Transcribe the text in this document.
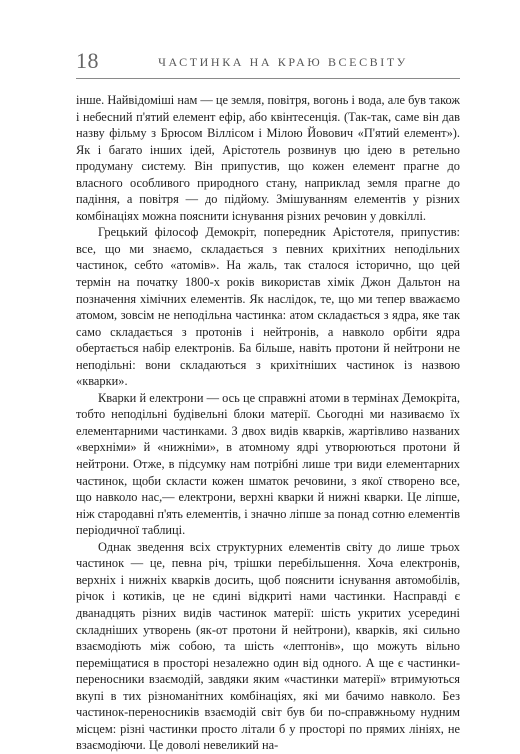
18	ЧАСТИНКА НА КРАЮ ВСЕСВІТУ

інше. Найвідоміші нам — це земля, повітря, вогонь і вода, але був також і небесний п'ятий елемент ефір, або квінтесенція. (Так-так, саме він дав назву фільму з Брюсом Віллісом і Мілою Йовович «П'ятий елемент»). Як і багато інших ідей, Арістотель розвинув цю ідею в ретельно продуману систему. Він припустив, що кожен елемент прагне до власного особливого природного стану, наприклад земля прагне до падіння, а повітря — до підйому. Змішуванням елементів у різних комбінаціях можна пояснити існування різних речовин у довкіллі.

Грецький філософ Демокріт, попередник Арістотеля, припустив: все, що ми знаємо, складається з певних крихітних неподільних частинок, себто «атомів». На жаль, так сталося історично, що цей термін на початку 1800-х років використав хімік Джон Дальтон на позначення хімічних елементів. Як наслідок, те, що ми тепер вважаємо атомом, зовсім не неподільна частинка: атом складається з ядра, яке так само складається з протонів і нейтронів, а навколо орбіти ядра обертається набір електронів. Ба більше, навіть протони й нейтрони не неподільні: вони складаються з крихітніших частинок із назвою «кварки».

Кварки й електрони — ось це справжні атоми в термінах Демокріта, тобто неподільні будівельні блоки матерії. Сьогодні ми називаємо їх елементарними частинками. З двох видів кварків, жартівливо названих «верхніми» й «нижніми», в атомному ядрі утворюються протони й нейтрони. Отже, в підсумку нам потрібні лише три види елементарних частинок, щоби скласти кожен шматок речовини, з якої створено все, що навколо нас,— електрони, верхні кварки й нижні кварки. Це ліпше, ніж стародавні п'ять елементів, і значно ліпше за понад сотню елементів періодичної таблиці.

Однак зведення всіх структурних елементів світу до лише трьох частинок — це, певна річ, трішки перебільшення. Хоча електронів, верхніх і нижніх кварків досить, щоб пояснити існування автомобілів, річок і котиків, це не єдині відкриті нами частинки. Насправді є дванадцять різних видів частинок матерії: шість укритих усередині складніших утворень (як-от протони й нейтрони), кварків, які сильно взаємодіють між собою, та шість «лептонів», що можуть вільно переміщатися в просторі незалежно один від одного. А ще є частинки-переносники взаємодій, завдяки яким «частинки матерії» втримуються вкупі в тих різноманітних комбінаціях, які ми бачимо навколо. Без частинок-переносників взаємодій світ був би по-справжньому нудним місцем: різні частинки просто літали б у просторі по прямих лініях, не взаємодіючи. Це доволі невеликий на-
